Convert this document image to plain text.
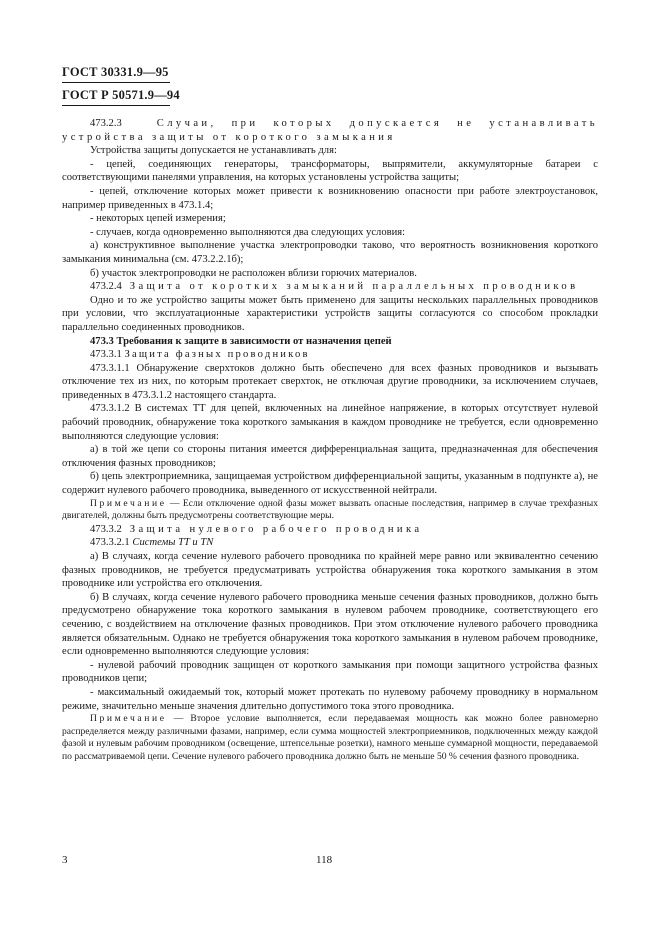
ГОСТ 30331.9—95
ГОСТ Р 50571.9—94

473.2.3	Случаи, при которых допускается не устанавливать устройства защиты от короткого замыкания

Устройства защиты допускается не устанавливать для:

- цепей, соединяющих генераторы, трансформаторы, выпрямители, аккумуляторные батареи с соответствующими панелями управления, на которых установлены устройства защиты;

- цепей, отключение которых может привести к возникновению опасности при работе электроустановок, например приведенных в 473.1.4;

- некоторых цепей измерения;

- случаев, когда одновременно выполняются два следующих условия:

а) конструктивное выполнение участка электропроводки таково, что вероятность возникновения короткого замыкания минимальна (см. 473.2.2.1б);

б) участок электропроводки не расположен вблизи горючих материалов.

473.2.4 Защита от коротких замыканий параллельных проводников

Одно и то же устройство защиты может быть применено для защиты нескольких параллельных проводников при условии, что эксплуатационные характеристики устройств защиты согласуются со способом прокладки параллельно соединенных проводников.

473.3 Требования к защите в зависимости от назначения цепей

473.3.1 Защита фазных проводников

473.3.1.1 Обнаружение сверхтоков должно быть обеспечено для всех фазных проводников и вызывать отключение тех из них, по которым протекает сверхток, не отключая другие проводники, за исключением случаев, приведенных в 473.3.1.2 настоящего стандарта.

473.3.1.2 В системах ТТ для цепей, включенных на линейное напряжение, в которых отсутствует нулевой рабочий проводник, обнаружение тока короткого замыкания в каждом проводнике не требуется, если одновременно выполняются следующие условия:

а) в той же цепи со стороны питания имеется дифференциальная защита, предназначенная для обеспечения отключения фазных проводников;

б) цепь электроприемника, защищаемая устройством дифференциальной защиты, указанным в подпункте а), не содержит нулевого рабочего проводника, выведенного от искусственной нейтрали.

Примечание — Если отключение одной фазы может вызвать опасные последствия, например в случае трехфазных двигателей, должны быть предусмотрены соответствующие меры.

473.3.2 Защита нулевого рабочего проводника

473.3.2.1 Системы TT и TN

а) В случаях, когда сечение нулевого рабочего проводника по крайней мере равно или эквивалентно сечению фазных проводников, не требуется предусматривать устройства обнаружения тока короткого замыкания в этом проводнике или устройства его отключения.

б) В случаях, когда сечение нулевого рабочего проводника меньше сечения фазных проводников, должно быть предусмотрено обнаружение тока короткого замыкания в нулевом рабочем проводнике, соответствующего его сечению, с воздействием на отключение фазных проводников. При этом отключение нулевого рабочего проводника является обязательным. Однако не требуется обнаружения тока короткого замыкания в нулевом рабочем проводнике, если одновременно выполняются следующие условия:

- нулевой рабочий проводник защищен от короткого замыкания при помощи защитного устройства фазных проводников цепи;

- максимальный ожидаемый ток, который может протекать по нулевому рабочему проводнику в нормальном режиме, значительно меньше значения длительно допустимого тока этого проводника.

Примечание — Второе условие выполняется, если передаваемая мощность как можно более равномерно распределяется между различными фазами, например, если сумма мощностей электроприемников, подключенных между каждой фазой и нулевым рабочим проводником (освещение, штепсельные розетки), намного меньше суммарной мощности, передаваемой по рассматриваемой цепи. Сечение нулевого рабочего проводника должно быть не меньше 50 % сечения фазного проводника.

3	118
